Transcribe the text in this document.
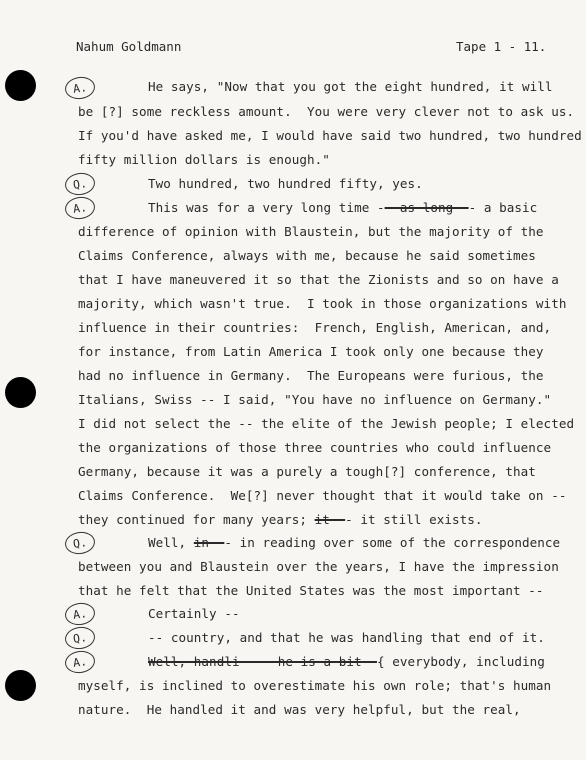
Nahum Goldmann	Tape 1 - 11.
A.	He says, "Now that you got the eight hundred, it will
be [?] some reckless amount.  You were very clever not to ask us.
If you'd have asked me, I would have said two hundred, two hundred
fifty million dollars is enough."
Q.	Two hundred, two hundred fifty, yes.
A.	This was for a very long time -- as long -- a basic
difference of opinion with Blaustein, but the majority of the
Claims Conference, always with me, because he said sometimes
that I have maneuvered it so that the Zionists and so on have a
majority, which wasn't true.  I took in those organizations with
influence in their countries:  French, English, American, and,
for instance, from Latin America I took only one because they
had no influence in Germany.  The Europeans were furious, the
Italians, Swiss -- I said, "You have no influence on Germany."
I did not select the -- the elite of the Jewish people; I elected
the organizations of those three countries who could influence
Germany, because it was a purely a tough[?] conference, that
Claims Conference.  We[?] never thought that it would take on --
they continued for many years; it -- it still exists.
Q.	Well, in -- in reading over some of the correspondence
between you and Blaustein over the years, I have the impression
that he felt that the United States was the most important --
A.	Certainly --
Q.	-- country, and that he was handling that end of it.
A.	Well, handli- -- he is a bit -{ everybody, including
myself, is inclined to overestimate his own role; that's human
nature.  He handled it and was very helpful, but the real,
